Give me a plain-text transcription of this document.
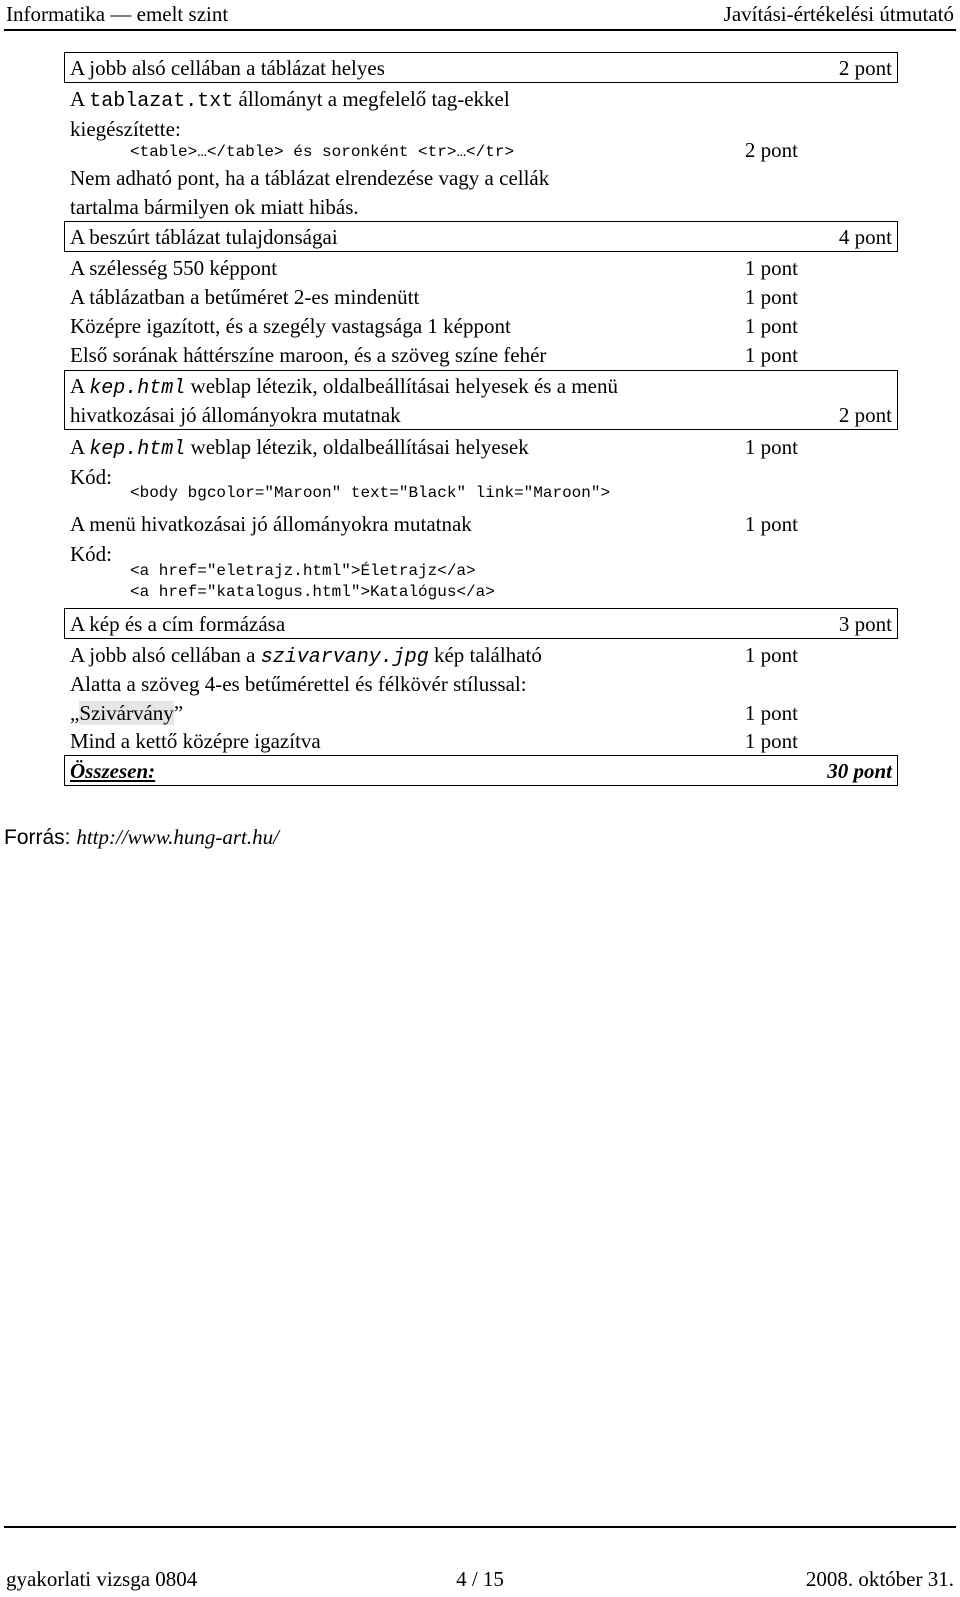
Informatika — emelt szint	Javítási-értékelési útmutató
A jobb alsó cellában a táblázat helyes	2 pont
A tablazat.txt állományt a megfelelő tag-ekkel
kiegészítette:
<table>…</table> és soronként <tr>…</tr>	2 pont
Nem adható pont, ha a táblázat elrendezése vagy a cellák
tartalma bármilyen ok miatt hibás.
A beszúrt táblázat tulajdonságai	4 pont
A szélesség 550 képpont	1 pont
A táblázatban a betűméret 2-es mindenütt	1 pont
Középre igazított, és a szegély vastagsága 1 képpont	1 pont
Első sorának háttérszíne maroon, és a szöveg színe fehér	1 pont
A kep.html weblap létezik, oldalbeállításai helyesek és a menü
hivatkozásai jó állományokra mutatnak	2 pont
A kep.html weblap létezik, oldalbeállításai helyesek	1 pont
Kód:
<body bgcolor="Maroon" text="Black" link="Maroon">
A menü hivatkozásai jó állományokra mutatnak	1 pont
Kód:
<a href="eletrajz.html">Életrajz</a>
<a href="katalogus.html">Katalógus</a>
A kép és a cím formázása	3 pont
A jobb alsó cellában a szivarvany.jpg kép található	1 pont
Alatta a szöveg 4-es betűmérettel és félkövér stílussal:
„Szivárvány”	1 pont
Mind a kettő középre igazítva	1 pont
Összesen:	30 pont
Forrás: http://www.hung-art.hu/
gyakorlati vizsga 0804	4 / 15	2008. október 31.
